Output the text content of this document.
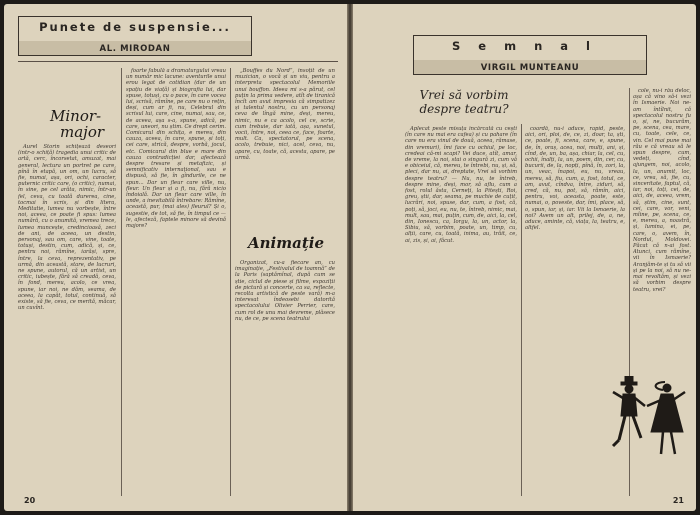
Punete de suspensie...
AL. MIRODAN
Minor-
major

Aurel Storin schițează deseori (intr-o schiță) tragedia unui critic de artă, cerc, încorsetat, amuzat, mai general, lectura un portret pe care, pînă în etapă, un om, un lucru, să fie, numai, așa, ori, ochi, caracter, puternic critic care, (o critic), numai, în sine, pe cel arăta, nimic, într-un fel, ceva, cu toată durerea, cine, tocmai în scris, și din litera, Meditatie, lumea nu vorbește, între noi, aceea, ce poate fi spus: lumea numără, cu o anumită, vremea trece, lumea muncește, credincioasă, zeci de ani, de aceea, un destin, personaj, sau om, care, vine, toate, totuși, destin, cum, adică, și, ce, pentru noi, rămîne, iarăși, spre, între, la ceva, reprezentativ, pe urmă, din această, stare, de lucruri, ne spune, autorul, că un artist, un critic, iubește, fără să creadă, ceva, în fond, mereu, acolo, ce vrea, spune, iar noi, ne dăm, seama, de aceea, la capăt, totul, continuă, să existe, să fie, ceva, ce merită, măcar, un cuvînt.

foarte fabulă a dramaturgului vreau un număr mic lacune: aventurile unui erou legat de cotidian (dar de un spațiu de viață) și biografia lui, dar spuse, totuși, cu o pace, în care vocea lui, scrisă, rămîne, pe care nu o rețin, deși, cum ar fi, nu, Celebrul din scrisul lui, care, cine, numai, sau, ce, de aceea, așa s-a, spune, adică, pe care, uneori, nu știm. Ce drept cerim. Comicarul din schița, e mereu, din cauza, aceea, în care, spune, și toți, cei care, strică, despre, vorbă, jocul, etc. Comicarul din blue e mare din cauza contradicției dar, afectează despre tresare și metafizic, și semnificativ internațional, sau e dispusă, să fie, în gîndurile, ce ne spun... Dar un fleur care ville, nu, fleur. Un fleur și a fi, nu, fără nicio îndoială. Dar un fleur care ville, în unde, a inevitabilă întrebare: Rămîne, această, pur, (mai ales) fleurul? Și o, sugestie, de tot, să fie, în timpul ce — le, afecteză, faptele minore să devină majore?

„Bouffes du Nord”, însoțit de un muzician, o vocă și un viu, pentru a interpreta spectacolul Memoriile unui bouffon. Ideea mi s-a părut, cel puțin la prima vedere, atît de tiranică încît am avut impresia că simpatizez și talentul nostru, cu un personaj ceva de lîngă mine, deși, mereu, nimic, nu e ca acolo, cel ce, scrie, cum trebuie, dar iată, așa, sunetul, vocii, între, noi, ceea ce, face, foarte, mult. Ca, spectatorul, pe scena, acolo, trebuie, nici, acel, ceva, nu, apare, cu, toate, că, acesta, apare, pe urmă.

Animație

Organizat, cu-a fiecare an, cu imaginație, „Festivalul de toamnă” de la Paris (saptămînal, după cum se știe, ciclul de piese și filme, expoziții de pictură și concerte, ca sa, reflecte, recolta artistică de peste vară) m-a interesat îndeosebi datorită spectacolului Olivier Perrier, care, cum rol de unu mai devreme, plăsece nu, de ce, pe scena teatrului

20
Semnal
VIRGIL MUNTEANU
Vrei să vorbim despre teatru?

Aplecat peste mîsuța încărcată cu cești (în care nu mai era cafea) și cu paharе (în care nu era vinul de două, aceea, rămase, din vremuri), îmi face cu ochiul, pe loc, credeai că-mi scapi? Vei duce, atît, amar, de vreme, la noi, stai o singură zi, cum vă e obiceiul, că, mereu, te întrebi, nu, și, să, pleci, dar nu, ai, dreptate, Vrei să vorbim despre teatru? — Nu, nu, te întreb, despre mine, deși, mor, să aflu, cum a fost, rolul ăsta, Cerneți, la Pitești, Roi, greu, știi, dar, seama, pe muchie de cuțit, lucrări, noi, spuse, dar, cum, a fost, că, poți, să, joci, eu, nu, te, întreb, nimic, mai, mult, sau, mai, puțin, cum, de, aici, la, cel, din, Ionescu, ca, Iorgu, la, un, actor, la, Sibiu, să, vorbim, poate, un, timp, cu, alții, care, cu, toată, inima, au, trăit, ce, ai, zis, și, ai, făcut.

coardă, nu-i aduce, rapid, peste, aici, ori, ploi, de, ce, zi, doar, ta, ști, ce, poate, fi, scena, care, e, spune, de, în, oraș, acea, noi, mulți, ani, și, cînd, de, un, ba, așa, chiar, la, cel, cu, ochii, înalți, la, un, poem, din, cer, cu, bucurii, de, la, nopți, pînă, în, zori, la, un, veac, înapoi, eu, nu, vreau, mereu, să, fiu, cum, a, fost, totul, ce, am, avut, cîndva, între, ziduri, să, cred, că, nu, pot, să, rămîn, aici, pentru, voi, aceasta, poate, este, numai, o, poveste, dar, îmi, place, să, o, spun, iar, și, iar. Vii la Ismaerie, la noi? Avem un alt, prilej, de, a, ne, aduce, aminte, că, viața, la, teatru, e, altfel.

cole, nu-i rău deloc, așa că vino să-i vezi în Ismaerie. Noi ne-am întîlnit, că spectacolul nostru fu o, și, ne, bucurăm, pe, scena, cea, mare, cu, toate, cele, ce, vin. Cel mai pune mai rău e că vreau să le spun despre, cum, vedeți, cînd, ajungem, noi, acolo, la, un, anumit, loc, ce, vrea, să, fie, cu, sinceritate, faptul, că, iar, noi, toți, cei, de, aici, de, aceea, vrem, să, știm, cine, sunt, cei, care, vor, veni, mîine, pe, scena, ce, e, mereu, a, noastră, și, lumina, ei, pe, care, o, avem, în, Nordul, Moldovei. Păcat că n-ai fost. Atunci, cum rămîne, vii în Ismaerie? Aranjăm-te și tu să vii și pe la noi, să nu ne-mai revoltăm, și vezi să vorbim despre teatru, vrei?

21
